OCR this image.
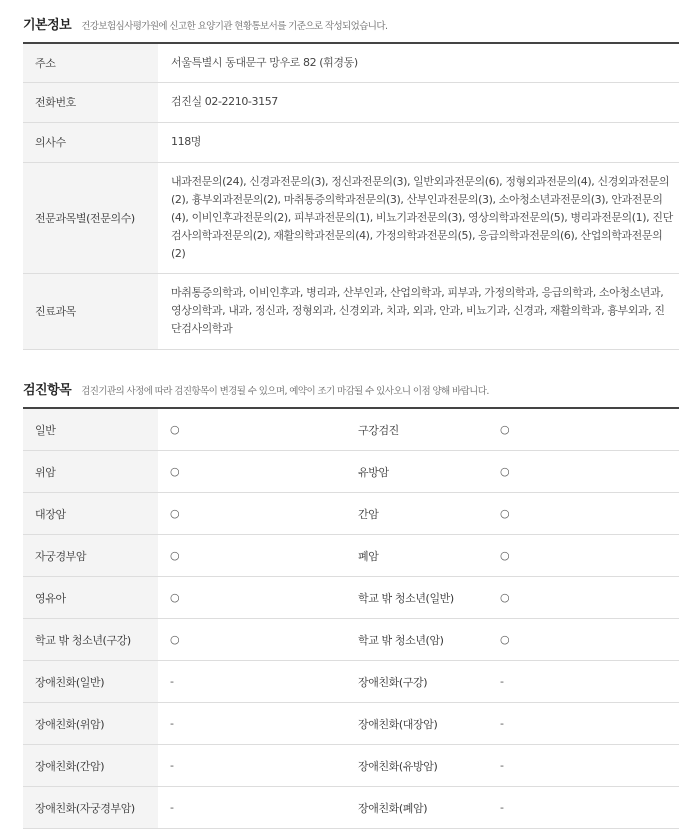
기본정보 건강보험심사평가원에 신고한 요양기관 현황통보서를 기준으로 작성되었습니다.
주소	서울특별시 동대문구 망우로 82 (휘경동)
전화번호	검진실 02-2210-3157
의사수	118명
전문과목별(전문의수)	내과전문의(24), 신경과전문의(3), 정신과전문의(3), 일반외과전문의(6), 정형외과전문의(4), 신경외과전문의(2), 흉부외과전문의(2), 마취통증의학과전문의(3), 산부인과전문의(3), 소아청소년과전문의(3), 안과전문의(4), 이비인후과전문의(2), 피부과전문의(1), 비뇨기과전문의(3), 영상의학과전문의(5), 병리과전문의(1), 진단검사의학과전문의(2), 재활의학과전문의(4), 가정의학과전문의(5), 응급의학과전문의(6), 산업의학과전문의(2)
진료과목	마취통증의학과, 이비인후과, 병리과, 산부인과, 산업의학과, 피부과, 가정의학과, 응급의학과, 소아청소년과, 영상의학과, 내과, 정신과, 정형외과, 신경외과, 치과, 외과, 안과, 비뇨기과, 신경과, 재활의학과, 흉부외과, 진단검사의학과
검진항목 검진기관의 사정에 따라 검진항목이 변경될 수 있으며, 예약이 조기 마감될 수 있사오니 이점 양해 바랍니다.
일반	○	구강검진	○
위암	○	유방암	○
대장암	○	간암	○
자궁경부암	○	폐암	○
영유아	○	학교 밖 청소년(일반)	○
학교 밖 청소년(구강)	○	학교 밖 청소년(암)	○
장애친화(일반)	-	장애친화(구강)	-
장애친화(위암)	-	장애친화(대장암)	-
장애친화(간암)	-	장애친화(유방암)	-
장애친화(자궁경부암)	-	장애친화(폐암)	-
